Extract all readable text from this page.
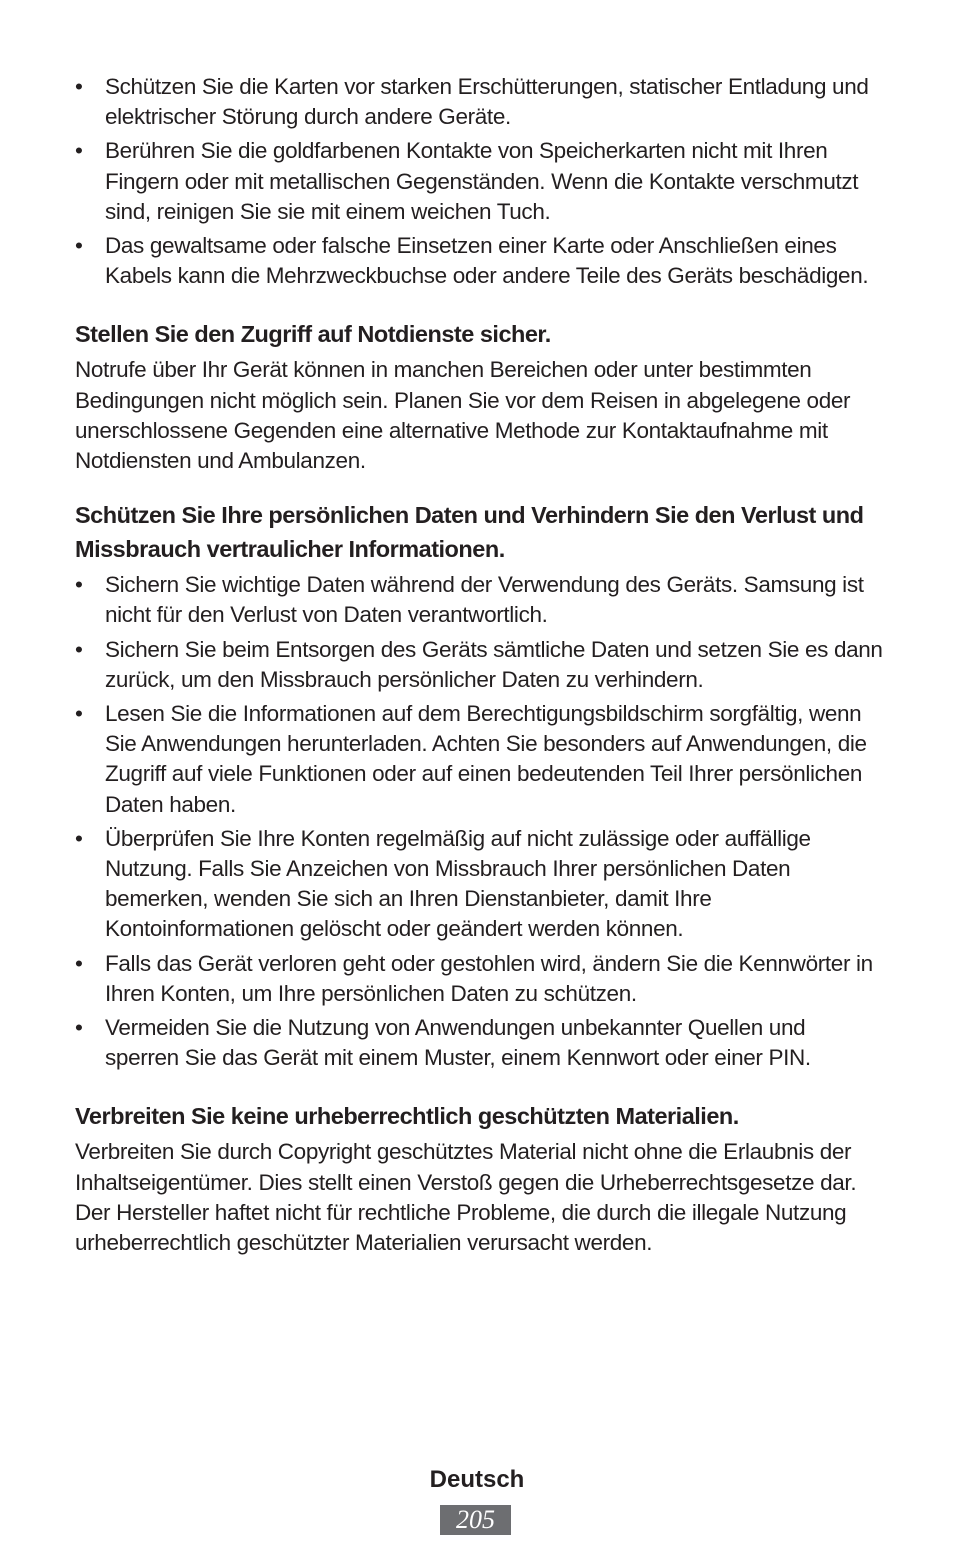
• Schützen Sie die Karten vor starken Erschütterungen, statischer Entladung und elektrischer Störung durch andere Geräte.
• Berühren Sie die goldfarbenen Kontakte von Speicherkarten nicht mit Ihren Fingern oder mit metallischen Gegenständen. Wenn die Kontakte verschmutzt sind, reinigen Sie sie mit einem weichen Tuch.
• Das gewaltsame oder falsche Einsetzen einer Karte oder Anschließen eines Kabels kann die Mehrzweckbuchse oder andere Teile des Geräts beschädigen.
Stellen Sie den Zugriff auf Notdienste sicher.

Notrufe über Ihr Gerät können in manchen Bereichen oder unter bestimmten Bedingungen nicht möglich sein. Planen Sie vor dem Reisen in abgelegene oder unerschlossene Gegenden eine alternative Methode zur Kontaktaufnahme mit Notdiensten und Ambulanzen.

Schützen Sie Ihre persönlichen Daten und Verhindern Sie den Verlust und Missbrauch vertraulicher Informationen.
• Sichern Sie wichtige Daten während der Verwendung des Geräts. Samsung ist nicht für den Verlust von Daten verantwortlich.
• Sichern Sie beim Entsorgen des Geräts sämtliche Daten und setzen Sie es dann zurück, um den Missbrauch persönlicher Daten zu verhindern.
• Lesen Sie die Informationen auf dem Berechtigungsbildschirm sorgfältig, wenn Sie Anwendungen herunterladen. Achten Sie besonders auf Anwendungen, die Zugriff auf viele Funktionen oder auf einen bedeutenden Teil Ihrer persönlichen Daten haben.
• Überprüfen Sie Ihre Konten regelmäßig auf nicht zulässige oder auffällige Nutzung. Falls Sie Anzeichen von Missbrauch Ihrer persönlichen Daten bemerken, wenden Sie sich an Ihren Dienstanbieter, damit Ihre Kontoinformationen gelöscht oder geändert werden können.
• Falls das Gerät verloren geht oder gestohlen wird, ändern Sie die Kennwörter in Ihren Konten, um Ihre persönlichen Daten zu schützen.
• Vermeiden Sie die Nutzung von Anwendungen unbekannter Quellen und sperren Sie das Gerät mit einem Muster, einem Kennwort oder einer PIN.
Verbreiten Sie keine urheberrechtlich geschützten Materialien.

Verbreiten Sie durch Copyright geschütztes Material nicht ohne die Erlaubnis der Inhaltseigentümer. Dies stellt einen Verstoß gegen die Urheberrechtsgesetze dar. Der Hersteller haftet nicht für rechtliche Probleme, die durch die illegale Nutzung urheberrechtlich geschützter Materialien verursacht werden.

Deutsch
205
